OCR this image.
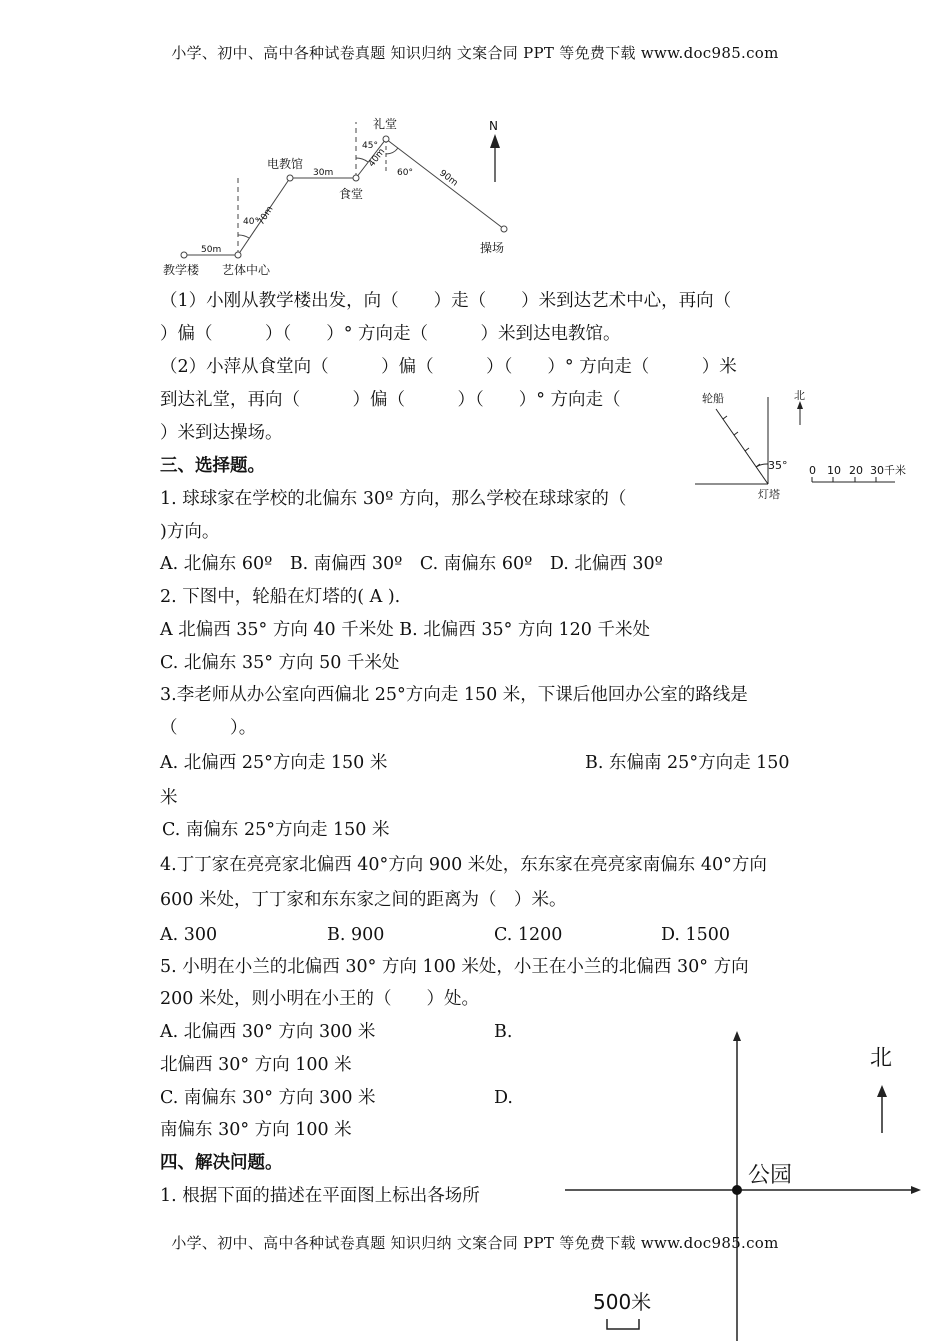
小学、初中、高中各种试卷真题 知识归纳 文案合同 PPT 等免费下载 www.doc985.com
N
礼堂
电教馆
食堂
教学楼 艺体中心
操场
50m
70m
30m
40m
90m
40°
45°
60°
（1）小刚从教学楼出发，向（　　）走（　　）米到达艺术中心，再向（
）偏（　　　）（　　）° 方向走（　　　）米到达电教馆。
（2）小萍从食堂向（　　　）偏（　　　）（　　）° 方向走（　　　）米
到达礼堂，再向（　　　）偏（　　　）（　　）° 方向走（
）米到达操场。
轮船	北
35°
灯塔
0 10 20 30千米
三、选择题。
1. 球球家在学校的北偏东 30º 方向，那么学校在球球家的（
)方向。
A. 北偏东 60º　B. 南偏西 30º　C. 南偏东 60º　D. 北偏西 30º
2. 下图中，轮船在灯塔的( A ).
A 北偏西 35° 方向 40 千米处 B. 北偏西 35° 方向 120 千米处
C. 北偏东 35° 方向 50 千米处
3.李老师从办公室向西偏北 25°方向走 150 米，下课后他回办公室的路线是
（　　　）。
A. 北偏西 25°方向走 150 米	B. 东偏南 25°方向走 150
米
C. 南偏东 25°方向走 150 米
4.丁丁家在亮亮家北偏西 40°方向 900 米处，东东家在亮亮家南偏东 40°方向
600 米处，丁丁家和东东家之间的距离为（　）米。
A. 300	B. 900	C. 1200	D. 1500
5. 小明在小兰的北偏西 30° 方向 100 米处，小王在小兰的北偏西 30° 方向
200 米处，则小明在小王的（　　）处。
A. 北偏西 30° 方向 300 米	B.
北偏西 30° 方向 100 米
C. 南偏东 30° 方向 300 米	D.
南偏东 30° 方向 100 米
四、解决问题。
1. 根据下面的描述在平面图上标出各场所
北
公园
500米
小学、初中、高中各种试卷真题 知识归纳 文案合同 PPT 等免费下载 www.doc985.com
